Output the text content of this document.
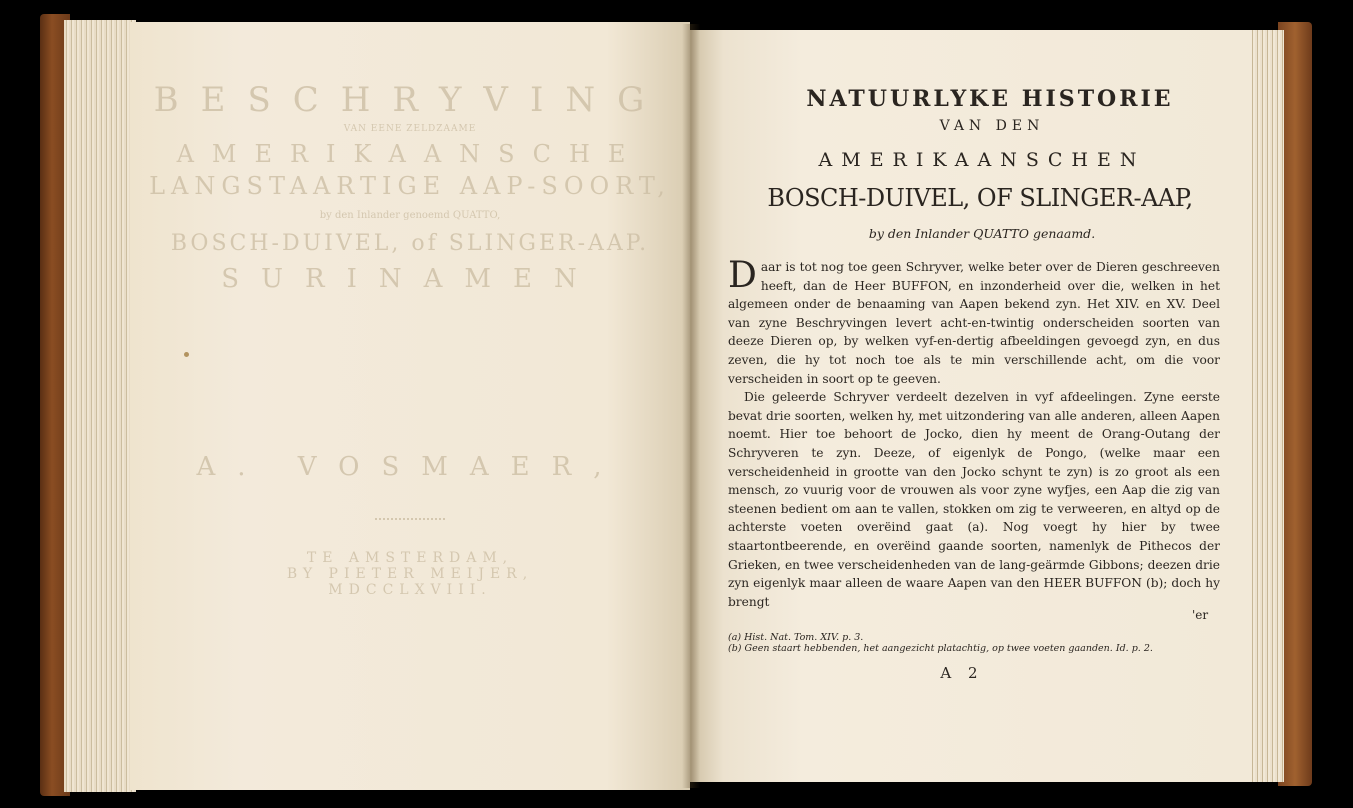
BESCHRYVING
VAN EENE ZELDZAAME
AMERIKAANSCHE
LANGSTAARTIGE AAP-SOORT,
by den Inlander genoemd QUATTO,
BOSCH-DUIVEL, of SLINGER-AAP.
SURINAMEN
A. VOSMAER,
TE AMSTERDAM,
BY PIETER MEIJER,
MDCCLXVIII.
NATUURLYKE HISTORIE
VAN DEN
AMERIKAANSCHEN
BOSCH-DUIVEL, OF SLINGER-AAP,
by den Inlander QUATTO genaamd.

Daar is tot nog toe geen Schryver, welke beter over de Dieren geschreeven heeft, dan de Heer BUFFON, en inzonderheid over die, welken in het algemeen onder de benaaming van Aapen bekend zyn. Het XIV. en XV. Deel van zyne Beschryvingen levert acht-en-twintig onderscheiden soorten van deeze Dieren op, by welken vyf-en-dertig afbeeldingen gevoegd zyn, en dus zeven, die hy tot noch toe als te min verschillende acht, om die voor verscheiden in soort op te geeven.

Die geleerde Schryver verdeelt dezelven in vyf afdeelingen. Zyne eerste bevat drie soorten, welken hy, met uitzondering van alle anderen, alleen Aapen noemt. Hier toe behoort de Jocko, dien hy meent de Orang-Outang der Schryveren te zyn. Deeze, of eigenlyk de Pongo, (welke maar een verscheidenheid in grootte van den Jocko schynt te zyn) is zo groot als een mensch, zo vuurig voor de vrouwen als voor zyne wyfjes, een Aap die zig van steenen bedient om aan te vallen, stokken om zig te verweeren, en altyd op de achterste voeten overëind gaat (a). Nog voegt hy hier by twee staartontbeerende, en overëind gaande soorten, namenlyk de Pithecos der Grieken, en twee verscheidenheden van de lang-geärmde Gibbons; deezen drie zyn eigenlyk maar alleen de waare Aapen van den HEER BUFFON (b); doch hy brengt

'er

(a) Hist. Nat. Tom. XIV. p. 3.

(b) Geen staart hebbenden, het aangezicht platachtig, op twee voeten gaanden. Id. p. 2.

A 2
